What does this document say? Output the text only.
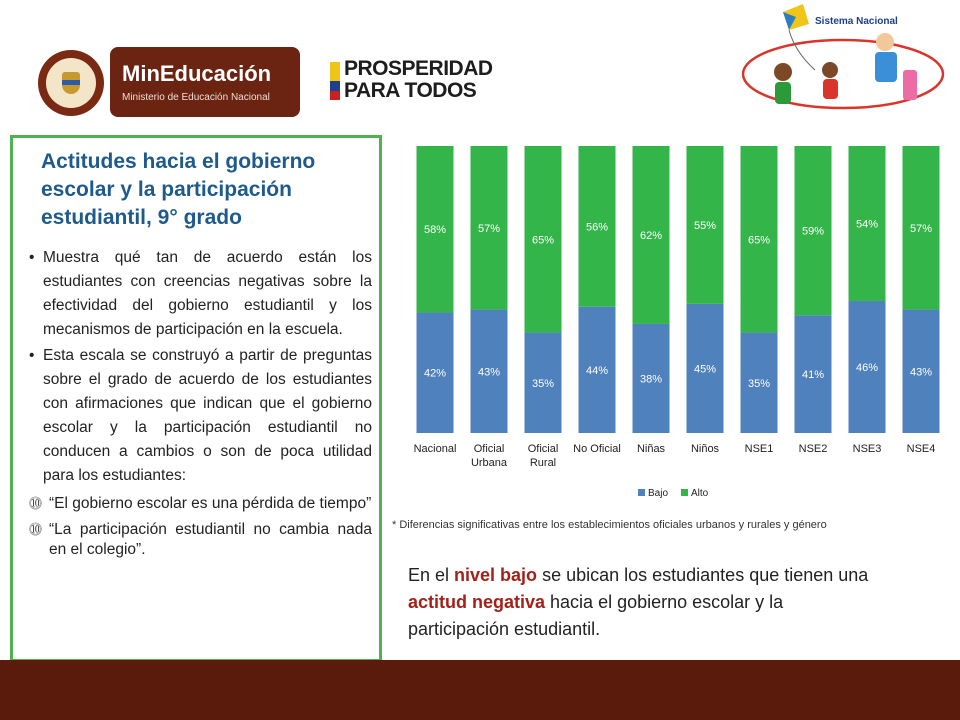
MinEducación
Ministerio de Educación Nacional
PROSPERIDAD PARA TODOS
Sistema Nacional
Actitudes hacia el gobierno escolar y la participación estudiantil, 9° grado
• Muestra qué tan de acuerdo están los estudiantes con creencias negativas sobre la efectividad del gobierno estudiantil y los mecanismos de participación en la escuela.
• Esta escala se construyó a partir de preguntas sobre el grado de acuerdo de los estudiantes con afirmaciones que indican que el gobierno escolar y la participación estudiantil no conducen a cambios o son de poca utilidad para los estudiantes:
⓾ “El gobierno escolar es una pérdida de tiempo”
⓾ “La participación estudiantil no cambia nada en el colegio”.
42%
58%
Nacional
43%
57%
Oficial
Urbana
35%
65%
Oficial
Rural
44%
56%
No Oficial
38%
62%
Niñas
45%
55%
Niños
35%
65%
NSE1
41%
59%
NSE2
46%
54%
NSE3
43%
57%
NSE4
Bajo Alto
* Diferencias significativas entre los establecimientos oficiales urbanos y rurales y género
En el nivel bajo se ubican los estudiantes que tienen una actitud negativa hacia el gobierno escolar y la participación estudiantil.
